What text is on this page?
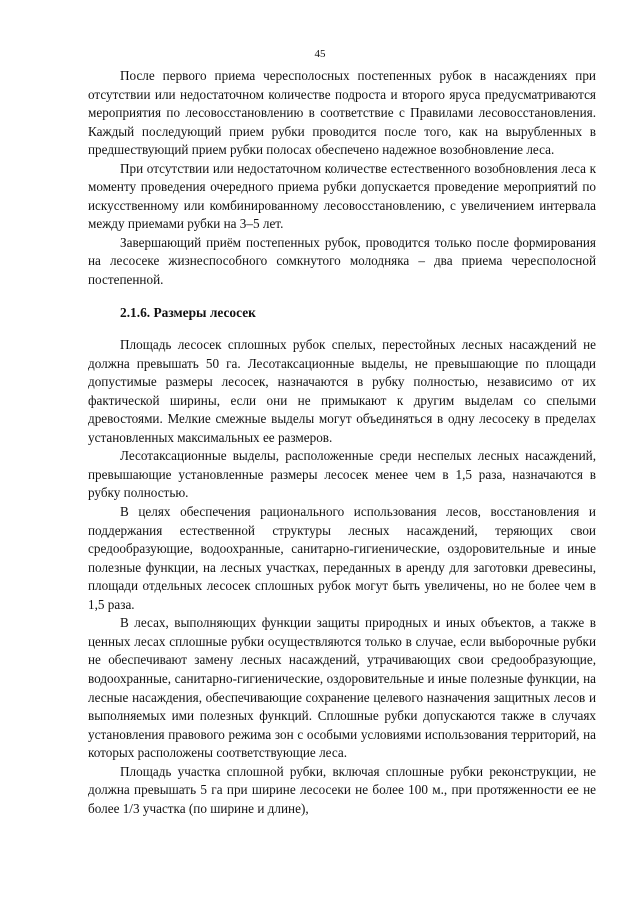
45

После первого приема чересполосных постепенных рубок в насаждениях при отсутствии или недостаточном количестве подроста и второго яруса предусматриваются мероприятия по лесовосстановлению в соответствие с Правилами лесовосстановления. Каждый последующий прием рубки проводится после того, как на вырубленных в предшествующий прием рубки полосах обеспечено надежное возобновление леса.

При отсутствии или недостаточном количестве естественного возобновления леса к моменту проведения очередного приема рубки допускается проведение мероприятий по искусственному или комбинированному лесовосстановлению, с увеличением интервала между приемами рубки на 3–5 лет.

Завершающий приём постепенных рубок, проводится только после формирования на лесосеке жизнеспособного сомкнутого молодняка – два приема чересполосной постепенной.

2.1.6. Размеры лесосек

Площадь лесосек сплошных рубок спелых, перестойных лесных насаждений не должна превышать 50 га. Лесотаксационные выделы, не превышающие по площади допустимые размеры лесосек, назначаются в рубку полностью, независимо от их фактической ширины, если они не примыкают к другим выделам со спелыми древостоями. Мелкие смежные выделы могут объединяться в одну лесосеку в пределах установленных максимальных ее размеров.

Лесотаксационные выделы, расположенные среди неспелых лесных насаждений, превышающие установленные размеры лесосек менее чем в 1,5 раза, назначаются в рубку полностью.

В целях обеспечения рационального использования лесов, восстановления и поддержания естественной структуры лесных насаждений, теряющих свои средообразующие, водоохранные, санитарно-гигиенические, оздоровительные и иные полезные функции, на лесных участках, переданных в аренду для заготовки древесины, площади отдельных лесосек сплошных рубок могут быть увеличены, но не более чем в 1,5 раза.

В лесах, выполняющих функции защиты природных и иных объектов, а также в ценных лесах сплошные рубки осуществляются только в случае, если выборочные рубки не обеспечивают замену лесных насаждений, утрачивающих свои средообразующие, водоохранные, санитарно-гигиенические, оздоровительные и иные полезные функции, на лесные насаждения, обеспечивающие сохранение целевого назначения защитных лесов и выполняемых ими полезных функций. Сплошные рубки допускаются также в случаях установления правового режима зон с особыми условиями использования территорий, на которых расположены соответствующие леса.

Площадь участка сплошной рубки, включая сплошные рубки реконструкции, не должна превышать 5 га при ширине лесосеки не более 100 м., при протяженности ее не более 1/3 участка (по ширине и длине),
